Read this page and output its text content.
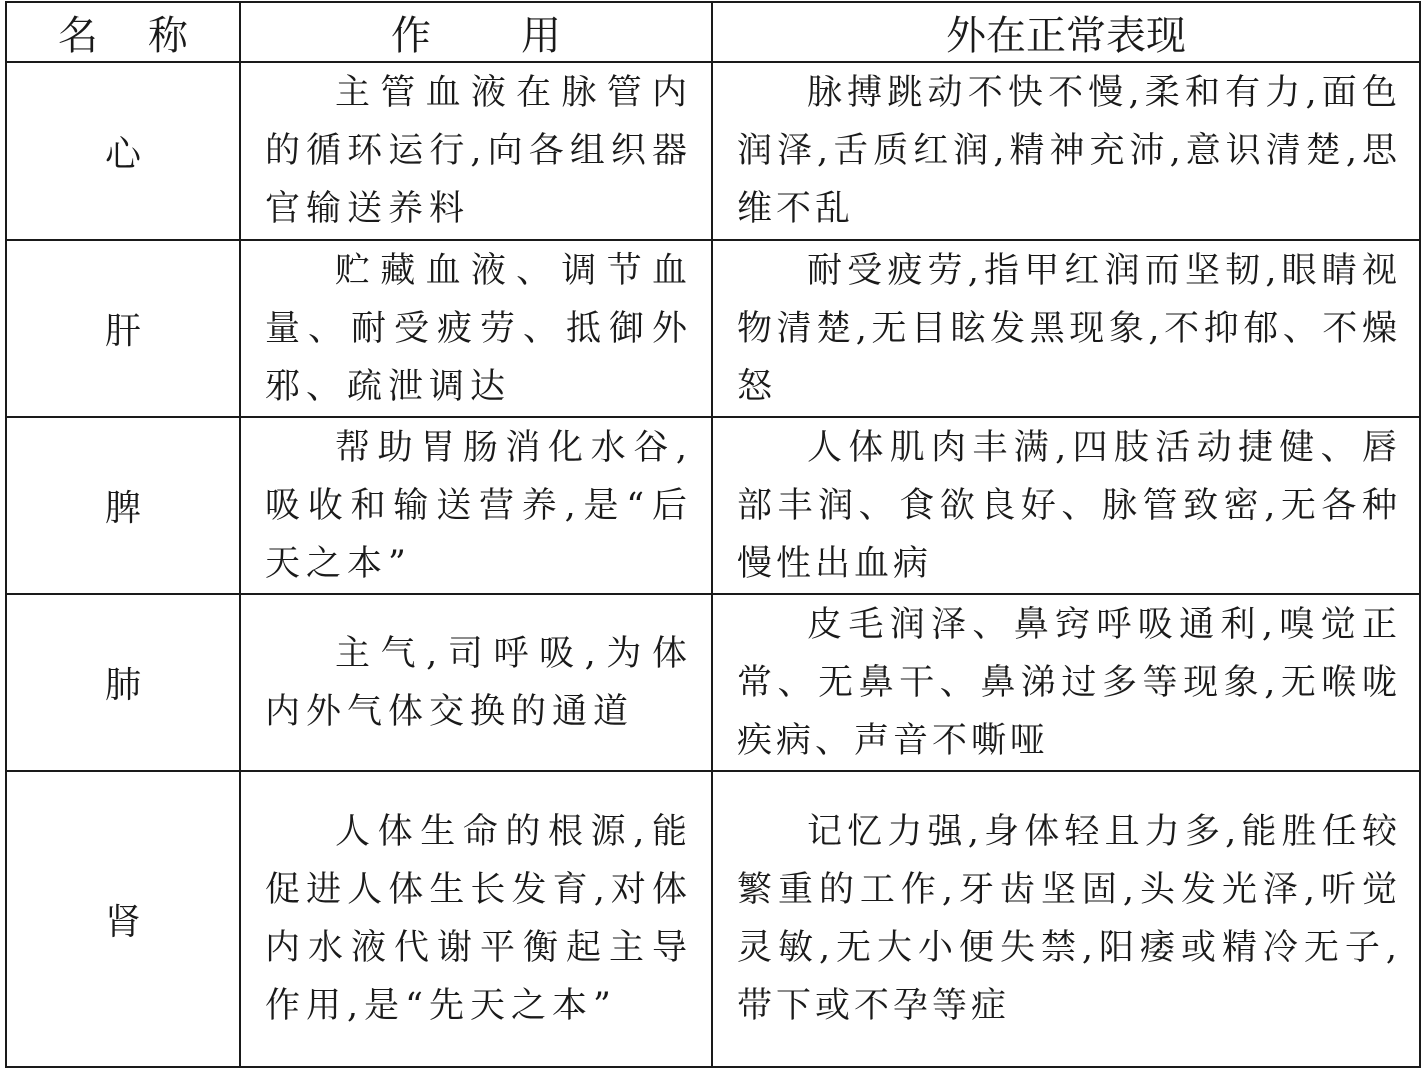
名称	作用	外在正常表现
心	主管血液在脉管内的循环运行,向各组织器官输送养料	脉搏跳动不快不慢,柔和有力,面色润泽,舌质红润,精神充沛,意识清楚,思维不乱
肝	贮藏血液、调节血量、耐受疲劳、抵御外邪、疏泄调达	耐受疲劳,指甲红润而坚韧,眼睛视物清楚,无目眩发黑现象,不抑郁、不燥怒
脾	帮助胃肠消化水谷,吸收和输送营养,是“后天之本”	人体肌肉丰满,四肢活动捷健、唇部丰润、食欲良好、脉管致密,无各种慢性出血病
肺	主气,司呼吸,为体内外气体交换的通道	皮毛润泽、鼻窍呼吸通利,嗅觉正常、无鼻干、鼻涕过多等现象,无喉咙疾病、声音不嘶哑
肾	人体生命的根源,能促进人体生长发育,对体内水液代谢平衡起主导作用,是“先天之本”	记忆力强,身体轻且力多,能胜任较繁重的工作,牙齿坚固,头发光泽,听觉灵敏,无大小便失禁,阳痿或精冷无子,带下或不孕等症
